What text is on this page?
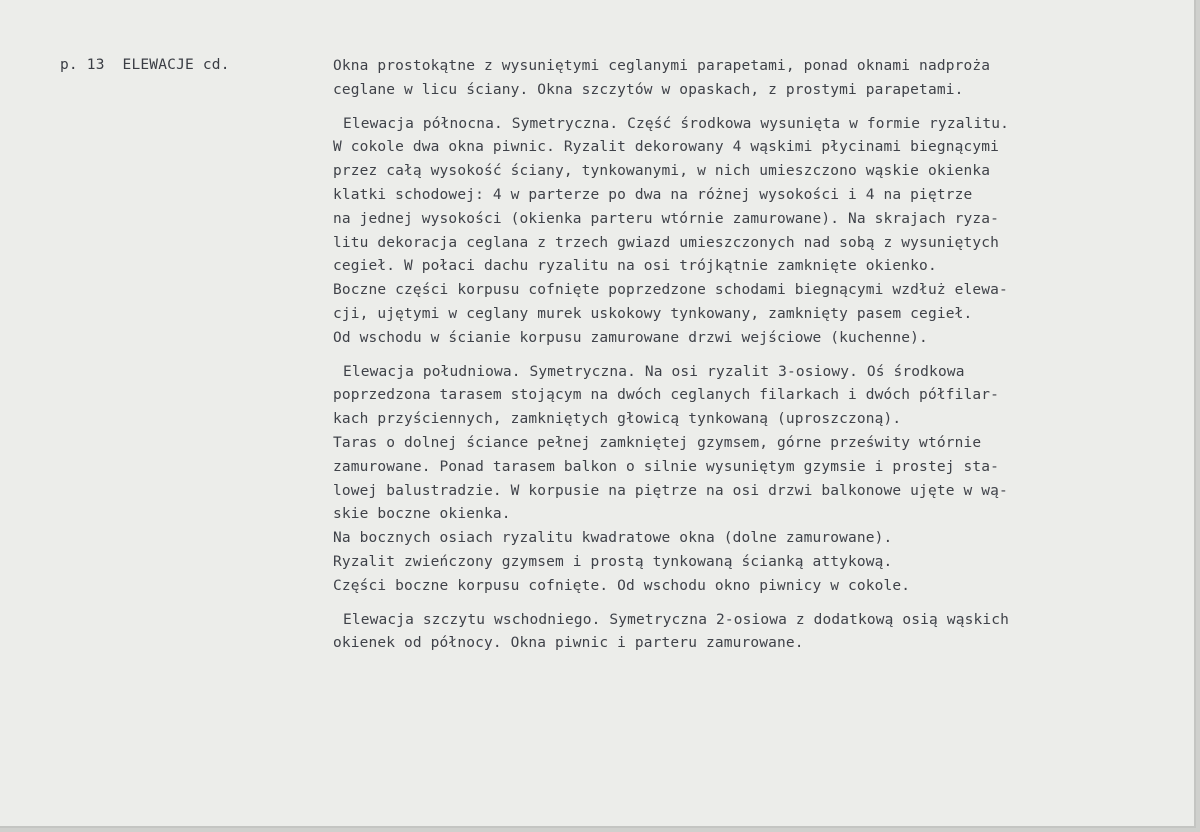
p. 13  ELEWACJE cd.	Okna prostokątne z wysuniętymi ceglanymi parapetami, ponad oknami nadproża
ceglane w licu ściany. Okna szczytów w opaskach, z prostymi parapetami.
Elewacja północna. Symetryczna. Część środkowa wysunięta w formie ryzalitu.
W cokole dwa okna piwnic. Ryzalit dekorowany 4 wąskimi płycinami biegnącymi
przez całą wysokość ściany, tynkowanymi, w nich umieszczono wąskie okienka
klatki schodowej: 4 w parterze po dwa na różnej wysokości i 4 na piętrze
na jednej wysokości (okienka parteru wtórnie zamurowane). Na skrajach ryza-
litu dekoracja ceglana z trzech gwiazd umieszczonych nad sobą z wysuniętych
cegieł. W połaci dachu ryzalitu na osi trójkątnie zamknięte okienko.
Boczne części korpusu cofnięte poprzedzone schodami biegnącymi wzdłuż elewa-
cji, ujętymi w ceglany murek uskokowy tynkowany, zamknięty pasem cegieł.
Od wschodu w ścianie korpusu zamurowane drzwi wejściowe (kuchenne).
Elewacja południowa. Symetryczna. Na osi ryzalit 3-osiowy. Oś środkowa
poprzedzona tarasem stojącym na dwóch ceglanych filarkach i dwóch półfilar-
kach przyściennych, zamkniętych głowicą tynkowaną (uproszczoną).
Taras o dolnej ściance pełnej zamkniętej gzymsem, górne prześwity wtórnie
zamurowane. Ponad tarasem balkon o silnie wysuniętym gzymsie i prostej sta-
lowej balustradzie. W korpusie na piętrze na osi drzwi balkonowe ujęte w wą-
skie boczne okienka.
Na bocznych osiach ryzalitu kwadratowe okna (dolne zamurowane).
Ryzalit zwieńczony gzymsem i prostą tynkowaną ścianką attykową.
Części boczne korpusu cofnięte. Od wschodu okno piwnicy w cokole.
Elewacja szczytu wschodniego. Symetryczna 2-osiowa z dodatkową osią wąskich
okienek od północy. Okna piwnic i parteru zamurowane.
